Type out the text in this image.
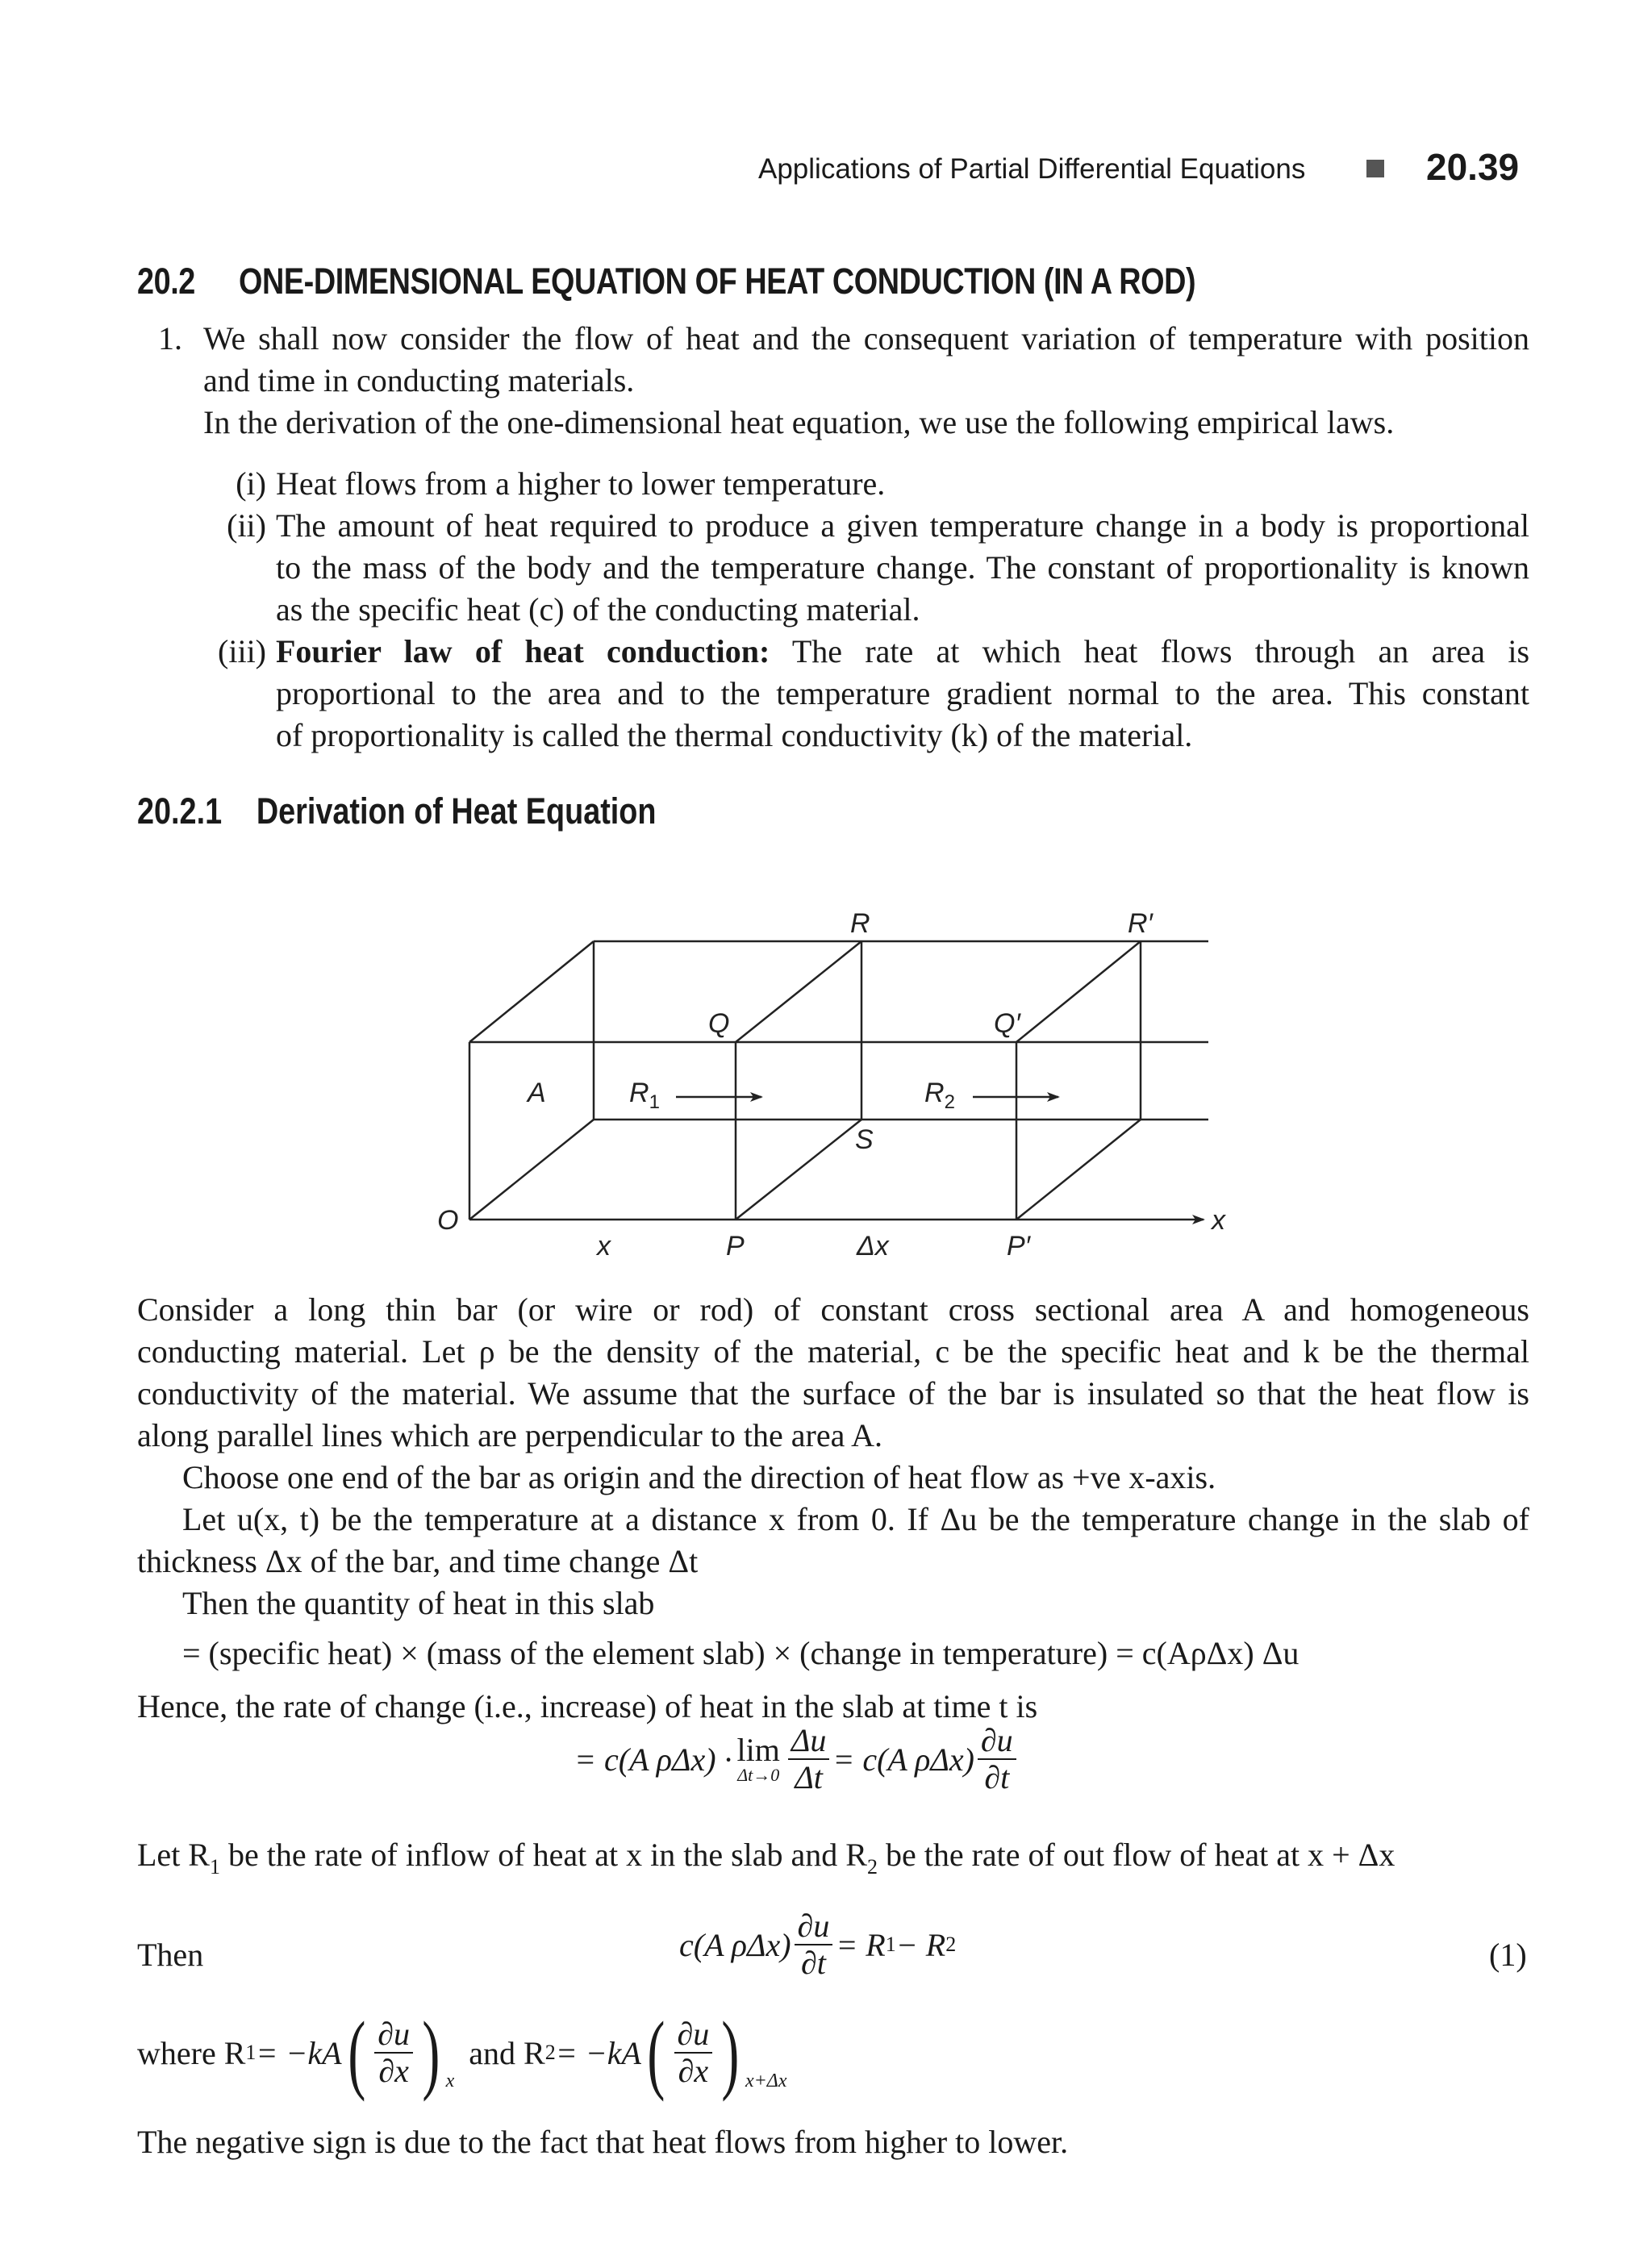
Applications of Partial Differential Equations	20.39
20.2 ONE-DIMENSIONAL EQUATION OF HEAT CONDUCTION (IN A ROD)
1. We shall now consider the flow of heat and the consequent variation of temperature with position
and time in conducting materials.
In the derivation of the one-dimensional heat equation, we use the following empirical laws.
(i) Heat flows from a higher to lower temperature.
(ii) The amount of heat required to produce a given temperature change in a body is proportional
to the mass of the body and the temperature change. The constant of proportionality is known
as the specific heat (c) of the conducting material.
(iii) Fourier law of heat conduction: The rate at which heat flows through an area is
proportional to the area and to the temperature gradient normal to the area. This constant
of proportionality is called the thermal conductivity (k) of the material.
20.2.1 Derivation of Heat Equation
R	R′
Q	Q′
A	$R_1$	$R_2$
S
O	x
x	P	Δx	P′
Consider a long thin bar (or wire or rod) of constant cross sectional area A and homogeneous
conducting material. Let ρ be the density of the material, c be the specific heat and k be the thermal
conductivity of the material. We assume that the surface of the bar is insulated so that the heat flow is
along parallel lines which are perpendicular to the area A.
Choose one end of the bar as origin and the direction of heat flow as +ve x-axis.
Let u(x, t) be the temperature at a distance x from 0. If Δu be the temperature change in the slab of
thickness Δx of the bar, and time change Δt
Then the quantity of heat in this slab
= (specific heat) × (mass of the element slab) × (change in temperature) = c(AρΔx) Δu
Hence, the rate of change (i.e., increase) of heat in the slab at time t is
= c(A ρΔx) · lim
$\Delta t\to 0 \frac{\Delta u}{\Delta t} = c(A$ $\rho\Delta x) \frac{\partial u}{\partial t}$
Let $R_1$ be the rate of inflow of heat at x in the slab and $R_2$ be the rate of out flow of heat at x + Δx
Then	c(A $\rho\Delta x) \frac{\partial u}{\partial t} = R$ 1 − R 2	(1)
where R 1 = −kA ( $\frac{\partial u}{\partial x}$ ) x
and R 2 = −kA ( $\frac{\partial u}{\partial x}$ ) x+Δx
The negative sign is due to the fact that heat flows from higher to lower.
